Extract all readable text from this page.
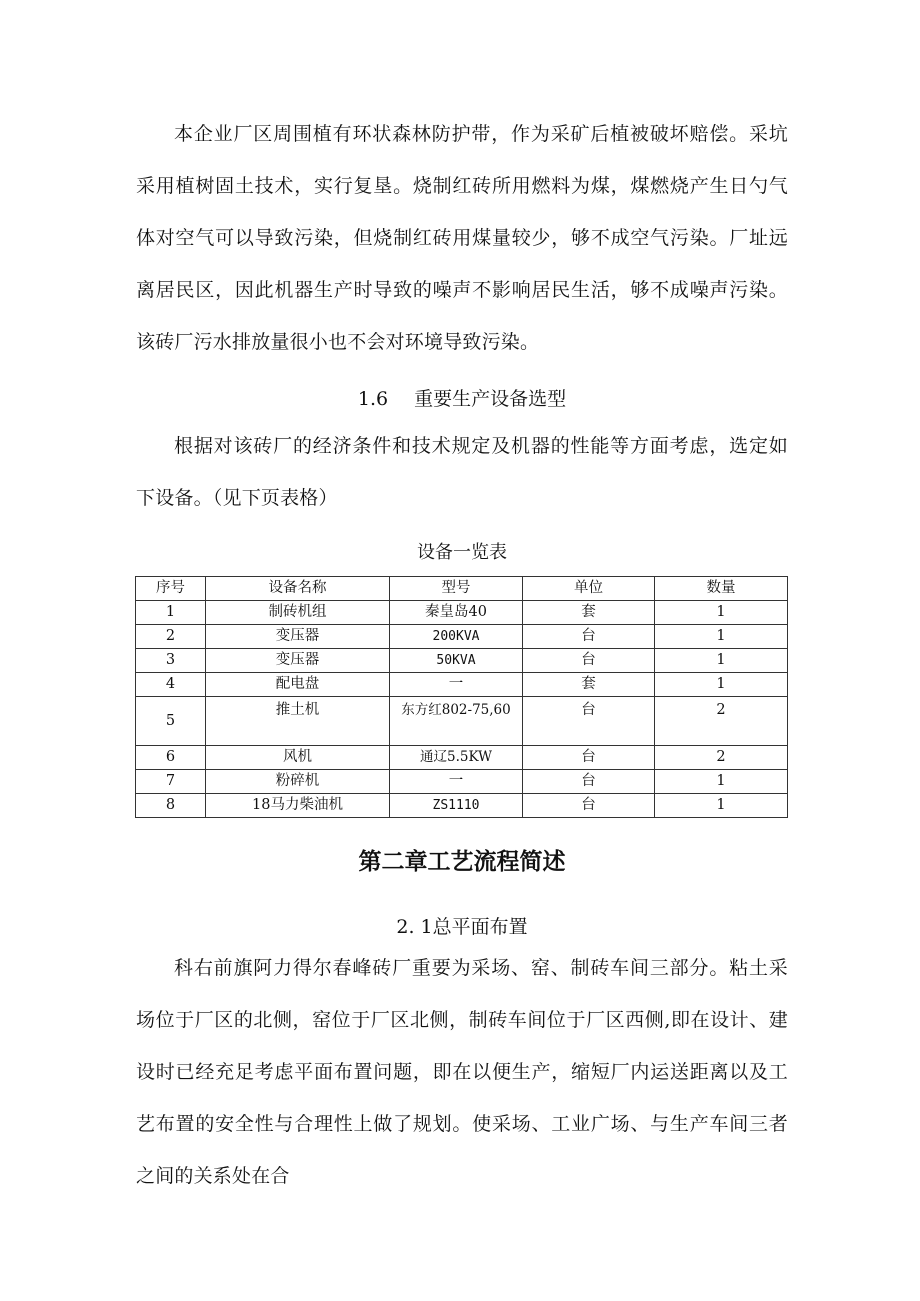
本企业厂区周围植有环状森林防护带，作为采矿后植被破坏赔偿。采坑采用植树固土技术，实行复垦。烧制红砖所用燃料为煤，煤燃烧产生日勺气体对空气可以导致污染，但烧制红砖用煤量较少，够不成空气污染。厂址远离居民区，因此机器生产时导致的噪声不影响居民生活，够不成噪声污染。该砖厂污水排放量很小也不会对环境导致污染。

1.6 重要生产设备选型

根据对该砖厂的经济条件和技术规定及机器的性能等方面考虑，选定如下设备。（见下页表格）

设备一览表
序号	设备名称	型号	单位	数量
1	制砖机组	秦皇岛40	套	1
2	变压器	200KVA	台	1
3	变压器	50KVA	台	1
4	配电盘	一	套	1
5	推土机	东方红802-75,60	台	2
6	风机	通辽5.5KW	台	2
7	粉碎机	一	台	1
8	18马力柴油机	ZS1110	台	1
第二章工艺流程简述
2. 1总平面布置

科右前旗阿力得尔春峰砖厂重要为采场、窑、制砖车间三部分。粘土采场位于厂区的北侧，窑位于厂区北侧，制砖车间位于厂区西侧,即在设计、建设时已经充足考虑平面布置问题，即在以便生产，缩短厂内运送距离以及工艺布置的安全性与合理性上做了规划。使采场、工业广场、与生产车间三者之间的关系处在合
